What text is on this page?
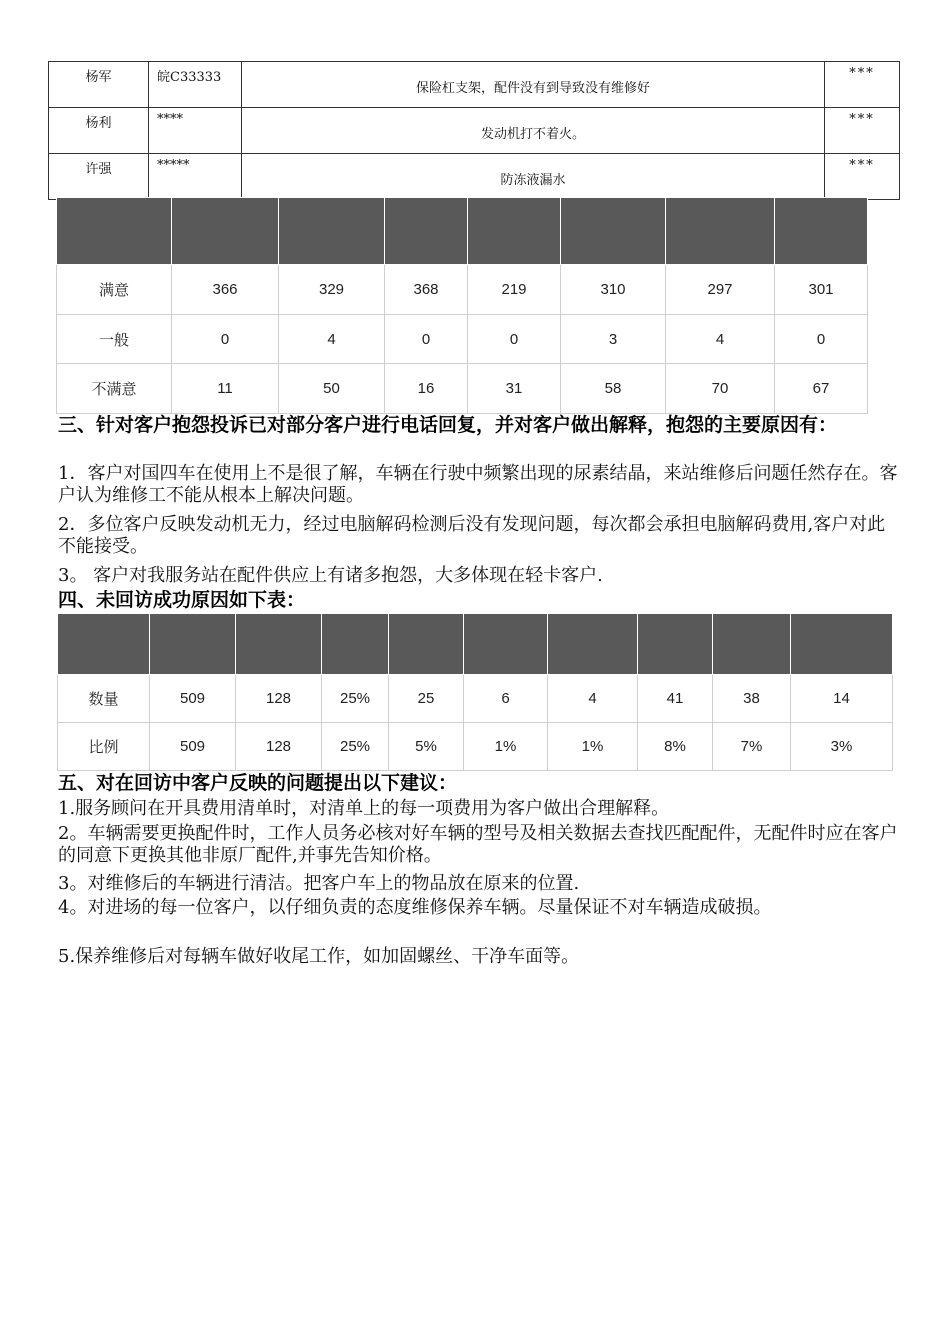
杨军	皖C33333	保险杠支架，配件没有到导致没有维修好	***
杨利	****	发动机打不着火。	***
许强	*****	防冻液漏水	***

满意	366	329	368	219	310	297	301
一般	0	4	0	0	3	4	0
不满意	11	50	16	31	58	70	67
三、针对客户抱怨投诉已对部分客户进行电话回复，并对客户做出解释，抱怨的主要原因有：
1．客户对国四车在使用上不是很了解，车辆在行驶中频繁出现的尿素结晶，来站维修后问题任然存在。客户认为维修工不能从根本上解决问题。
2．多位客户反映发动机无力，经过电脑解码检测后没有发现问题，每次都会承担电脑解码费用,客户对此不能接受。
3。 客户对我服务站在配件供应上有诸多抱怨，大多体现在轻卡客户.
四、未回访成功原因如下表：

数量	509	128	25%	25	6	4	41	38	14
比例	509	128	25%	5%	1%	1%	8%	7%	3%
五、对在回访中客户反映的问题提出以下建议：
1.服务顾问在开具费用清单时，对清单上的每一项费用为客户做出合理解释。
2。车辆需要更换配件时，工作人员务必核对好车辆的型号及相关数据去查找匹配配件，无配件时应在客户的同意下更换其他非原厂配件,并事先告知价格。
3。对维修后的车辆进行清洁。把客户车上的物品放在原来的位置.
4。对进场的每一位客户，以仔细负责的态度维修保养车辆。尽量保证不对车辆造成破损。
5.保养维修后对每辆车做好收尾工作，如加固螺丝、干净车面等。
